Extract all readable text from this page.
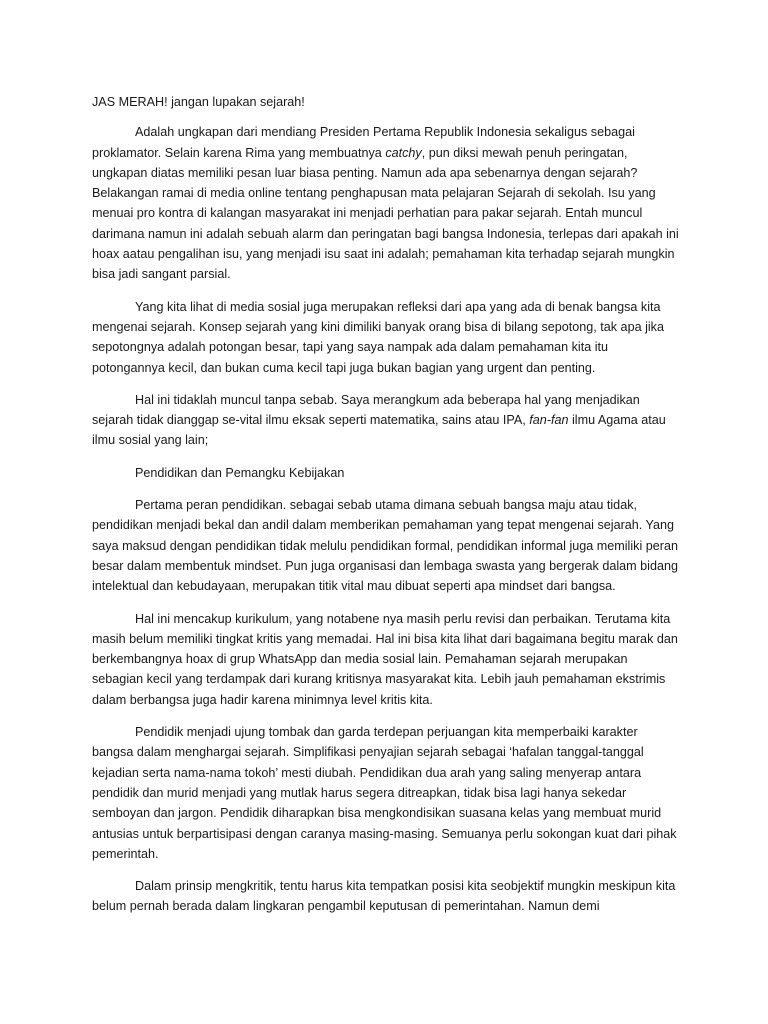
JAS MERAH! jangan lupakan sejarah!

Adalah ungkapan dari mendiang Presiden Pertama Republik Indonesia sekaligus sebagai proklamator. Selain karena Rima yang membuatnya catchy, pun diksi mewah penuh peringatan, ungkapan diatas memiliki pesan luar biasa penting. Namun ada apa sebenarnya dengan sejarah? Belakangan ramai di media online tentang penghapusan mata pelajaran Sejarah di sekolah. Isu yang menuai pro kontra di kalangan masyarakat ini menjadi perhatian para pakar sejarah. Entah muncul darimana namun ini adalah sebuah alarm dan peringatan bagi bangsa Indonesia, terlepas dari apakah ini hoax aatau pengalihan isu, yang menjadi isu saat ini adalah; pemahaman kita terhadap sejarah mungkin bisa jadi sangant parsial.

Yang kita lihat di media sosial juga merupakan refleksi dari apa yang ada di benak bangsa kita mengenai sejarah. Konsep sejarah yang kini dimiliki banyak orang bisa di bilang sepotong, tak apa jika sepotongnya adalah potongan besar, tapi yang saya nampak ada dalam pemahaman kita itu potongannya kecil, dan bukan cuma kecil tapi juga bukan bagian yang urgent dan penting.

Hal ini tidaklah muncul tanpa sebab. Saya merangkum ada beberapa hal yang menjadikan sejarah tidak dianggap se-vital ilmu eksak seperti matematika, sains atau IPA, fan-fan ilmu Agama atau ilmu sosial yang lain;

Pendidikan dan Pemangku Kebijakan

Pertama peran pendidikan. sebagai sebab utama dimana sebuah bangsa maju atau tidak, pendidikan menjadi bekal dan andil dalam memberikan pemahaman yang tepat mengenai sejarah. Yang saya maksud dengan pendidikan tidak melulu pendidikan formal, pendidikan informal juga memiliki peran besar dalam membentuk mindset. Pun juga organisasi dan lembaga swasta yang bergerak dalam bidang intelektual dan kebudayaan, merupakan titik vital mau dibuat seperti apa mindset dari bangsa.

Hal ini mencakup kurikulum, yang notabene nya masih perlu revisi dan perbaikan. Terutama kita masih belum memiliki tingkat kritis yang memadai. Hal ini bisa kita lihat dari bagaimana begitu marak dan berkembangnya hoax di grup WhatsApp dan media sosial lain. Pemahaman sejarah merupakan sebagian kecil yang terdampak dari kurang kritisnya masyarakat kita. Lebih jauh pemahaman ekstrimis dalam berbangsa juga hadir karena minimnya level kritis kita.

Pendidik menjadi ujung tombak dan garda terdepan perjuangan kita memperbaiki karakter bangsa dalam menghargai sejarah. Simplifikasi penyajian sejarah sebagai ‘hafalan tanggal-tanggal kejadian serta nama-nama tokoh’ mesti diubah. Pendidikan dua arah yang saling menyerap antara pendidik dan murid menjadi yang mutlak harus segera ditreapkan, tidak bisa lagi hanya sekedar semboyan dan jargon. Pendidik diharapkan bisa mengkondisikan suasana kelas yang membuat murid antusias untuk berpartisipasi dengan caranya masing-masing. Semuanya perlu sokongan kuat dari pihak pemerintah.

Dalam prinsip mengkritik, tentu harus kita tempatkan posisi kita seobjektif mungkin meskipun kita belum pernah berada dalam lingkaran pengambil keputusan di pemerintahan. Namun demi
